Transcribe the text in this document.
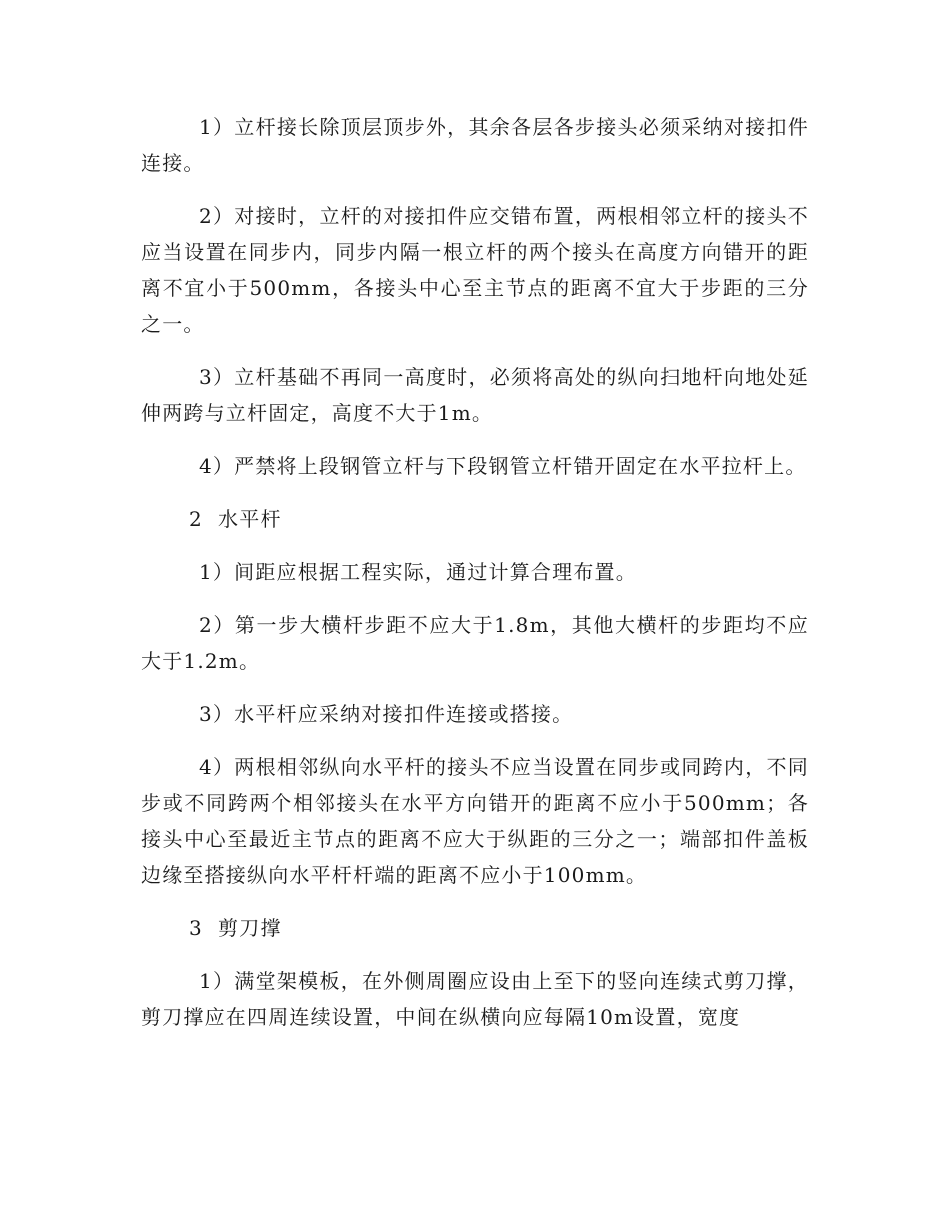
1）立杆接长除顶层顶步外，其余各层各步接头必须采纳对接扣件连接。

2）对接时，立杆的对接扣件应交错布置，两根相邻立杆的接头不应当设置在同步内，同步内隔一根立杆的两个接头在高度方向错开的距离不宜小于500mm，各接头中心至主节点的距离不宜大于步距的三分之一。

3）立杆基础不再同一高度时，必须将高处的纵向扫地杆向地处延伸两跨与立杆固定，高度不大于1m。

4）严禁将上段钢管立杆与下段钢管立杆错开固定在水平拉杆上。

2  水平杆

1）间距应根据工程实际，通过计算合理布置。

2）第一步大横杆步距不应大于1.8m，其他大横杆的步距均不应大于1.2m。

3）水平杆应采纳对接扣件连接或搭接。

4）两根相邻纵向水平杆的接头不应当设置在同步或同跨内，不同步或不同跨两个相邻接头在水平方向错开的距离不应小于500mm；各接头中心至最近主节点的距离不应大于纵距的三分之一；端部扣件盖板边缘至搭接纵向水平杆杆端的距离不应小于100mm。

3  剪刀撑

1）满堂架模板，在外侧周圈应设由上至下的竖向连续式剪刀撑，剪刀撑应在四周连续设置，中间在纵横向应每隔10m设置，宽度
